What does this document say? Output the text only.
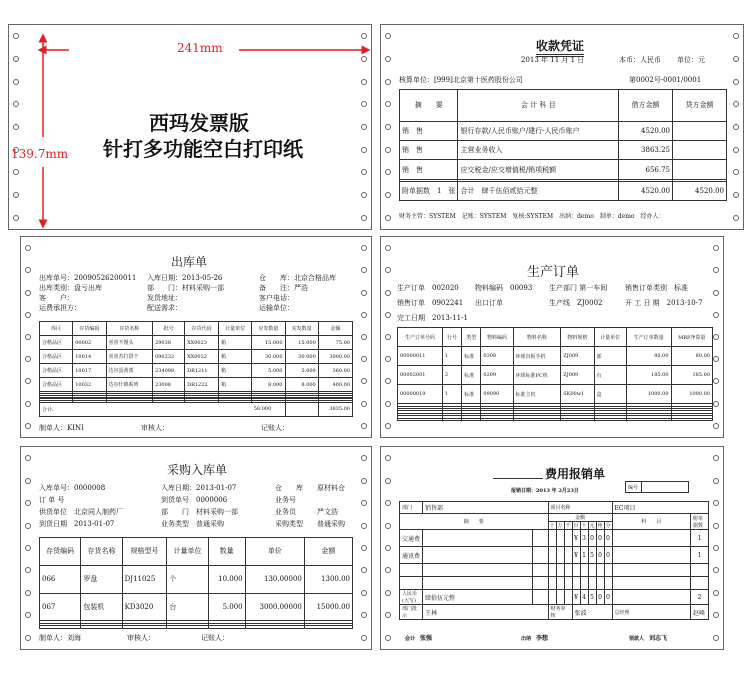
241mm
139.7mm
西玛发票版
针打多功能空白打印纸
收款凭证
2013 年 11 月 1 日	本币：人民币 单位：元
核算单位：[999]北京第十医药股份公司	第0002号-0001/0001
摘　　要	会 计 科 目	借方金额	贷方金额
销　售	银行存款/人民币账户/建行-人民币账户	4520.00	
销　售	主营业务收入	3863.25	
销　售	应交税金/应交增值税/销项税额	656.75	

附单据数　1　张	合计　肆千伍佰贰拾元整	4520.00	4520.00
财务主管：SYSTEM　记账：SYSTEM　复核:SYSTEM　出纳：demo　制单：demo　经办人：
出库单
出库单号：20090526200011 入库日期：2013-05-26	仓　　库：北京合格品库
出库类别：盘亏出库	部　　门：材料采购一部	备　　注：严浩
客　　户：	发货地址：	客户电话：
运费承担方：	配送需求：	运输单位：
库区	存货编码	存货名称	批号	存货代码	计量单位	应发数量	实发数量	金额
合格品区	00002	喜喜不馒头	29038	XX0023	箱	15.000	15.000	75.00
合格品区	10014	喜喜苏打饼干	090232	XX0022	箱	30.000	30.000	3000.00
合格品区	10017	达尔蛋黄派	234098	DR1211	箱	5.000	5.000	360.00
合格品区	10032	达尔什锦系列	23008	DR1222	箱	8.000	8.000	400.00

合计:						58.000		3835.00
制单人：KINI	审核人：	记账人：
生产订单
生产订单　002020 物料编码　00093 生产部门 第一车间	销售订单类别　标准
销售订单　0902241 出口订单	生产线　ZJ0002	开 工 日 期　2013-10-7
完工日期　2013-11-1
生产订单号码	行号	类型	物料编码	物料名称	物料规格	计量单位	生产订单数量	MRP净算量
00000011	1	标准	0308	环球直板手机	ZJ009	部	80.00	80.00
00002001	2	标准	0209	环球标准PC机	ZJ009	台	185.00	185.00
00000019	1	标准	09090	标准主机	SK00w1	盒	1000.00	1000.00

采购入库单
入库单号：0000008	入库日期：2013-01-07	仓　　库 原材料仓
订 单 号	到货单号　0000006	业务号
供货单位　北京同人制药厂	部　　门　材料采购一部	业务员	严文浩
到货日期　2013-01-07	业务类型　普通采购	采购类型 普通采购
存货编码	存货名称	规格型号	计量单位	数量	单价	金额
066	罗盘	DJ11025	个	10.000	130.00000	1300.00
067	包装机	KD3020	台	5.000	3000.00000	15000.00

制单人：刘海	审核人：	记账人：
费用报销单
报销日期：2013 年 2月23日
编号	
部门	销售部		项目名称								EC项目	
摘　　要			金额								科　　目	附单据数
			十	万	千	百	十	元	角	分		
交通费						¥	3	0	0	0		1
通讯费						¥	1	5	0	0		1

人民币(大写)	肆拾伍元整					¥	4	5	0	0		2
部门批示	王林		财务审核			张波					总经理	赵峰
会计　 张强	出纳　 李想	领款人　 刘志飞
